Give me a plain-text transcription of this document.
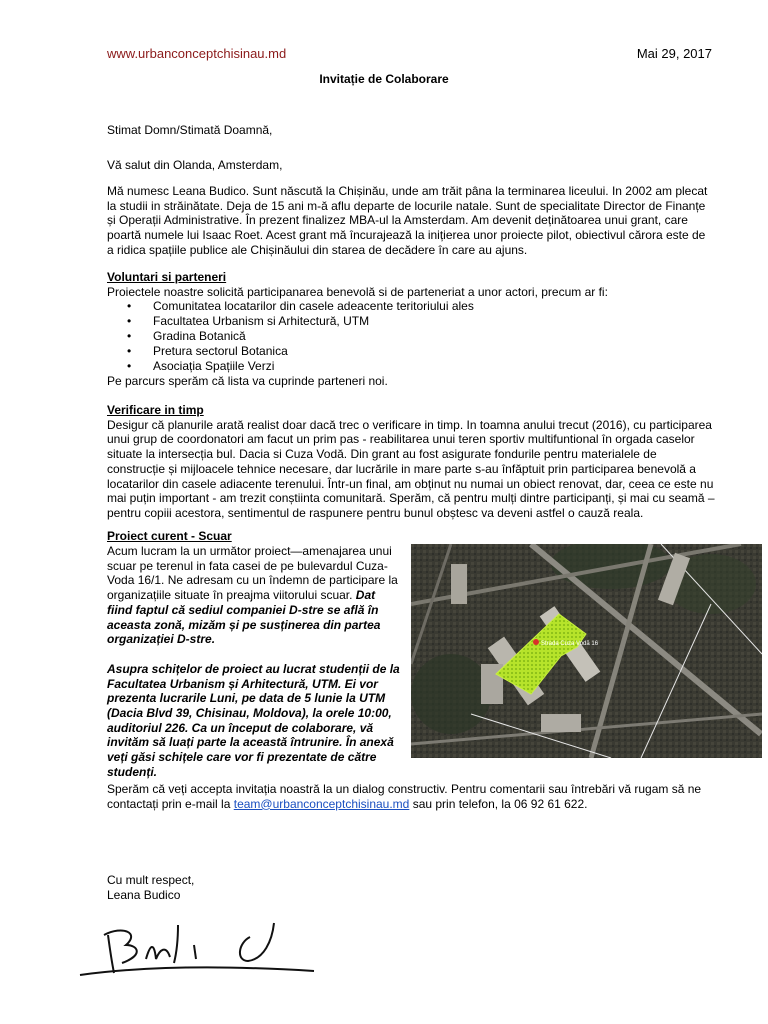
www.urbanconceptchisinau.md	Mai 29, 2017
Invitație de Colaborare

Stimat Domn/Stimată Doamnă,

Vă salut din Olanda, Amsterdam,

Mă numesc Leana Budico. Sunt născută la Chișinău, unde am trăit pâna la terminarea liceului. In 2002 am plecat la studii in străinătate. Deja de 15 ani m-ă aflu departe de locurile natale. Sunt de specialitate Director de Finanțe și Operații Administrative. În prezent finalizez MBA-ul la Amsterdam. Am devenit deținătoarea unui grant, care poartă numele lui Isaac Roet. Acest grant mă încurajează la inițierea unor proiecte pilot, obiectivul cărora este de a ridica spațiile publice ale Chișinăului din starea de decădere în care au ajuns.

Voluntari si parteneri

Proiectele noastre solicită participanarea benevolă si de parteneriat a unor actori, precum ar fi:

• Comunitatea locatarilor din casele adeacente teritoriului ales
• Facultatea Urbanism si Arhitectură, UTM
• Gradina Botanică
• Pretura sectorul Botanica
• Asociația Spațiile Verzi

Pe parcurs sperăm că lista va cuprinde parteneri noi.

Verificare in timp

Desigur că planurile arată realist doar dacă trec o verificare in timp. In toamna anului trecut (2016), cu participarea unui grup de coordonatori am facut un prim pas - reabilitarea unui teren sportiv multifuntional în orgada caselor situate la intersecția bul. Dacia si Cuza Vodă. Din grant au fost asigurate fondurile pentru materialele de construcție și mijloacele tehnice necesare, dar lucrările in mare parte s-au înfăptuit prin participarea benevolă a locatarilor din casele adiacente terenului. Într-un final, am obținut nu numai un obiect renovat, dar, ceea ce este nu mai puțin important - am trezit conștiinta comunitară. Sperăm, că pentru mulți dintre participanți, și mai cu seamă – pentru copiii acestora, sentimentul de raspunere pentru bunul obștesc va deveni astfel o cauză reala.

Proiect curent - Scuar

Acum lucram la un următor proiect—amenajarea unui scuar pe terenul in fata casei de pe bulevardul Cuza-Voda 16/1. Ne adresam cu un îndemn de participare la organizațiile situate în preajma viitorului scuar. Dat fiind faptul că sediul companiei D-stre se află în aceasta zonă, mizăm și pe susținerea din partea organizației D-stre.

Asupra schițelor de proiect au lucrat studenții de la Facultatea Urbanism și Arhitectură, UTM. Ei vor prezenta lucrarile Luni, pe data de 5 lunie la UTM (Dacia Blvd 39, Chisinau, Moldova), la orele 10:00, auditoriul 226. Ca un început de colaborare, vă invităm să luați parte la această întrunire. În anexă veți găsi schițele care vor fi prezentate de către studenți.

Strada Cuza Vodă 16

Sperăm că veți accepta invitația noastră la un dialog constructiv. Pentru comentarii sau întrebări vă rugam să ne contactați prin e-mail la team@urbanconceptchisinau.md sau prin telefon, la 06 92 61 622.

Cu mult respect,

Leana Budico
